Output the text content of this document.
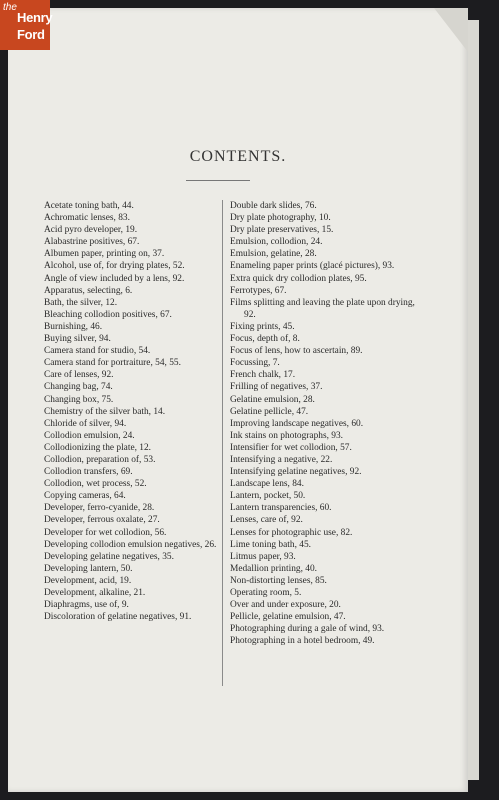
the
Henry
Ford
CONTENTS.
Acetate toning bath, 44.
Achromatic lenses, 83.
Acid pyro developer, 19.
Alabastrine positives, 67.
Albumen paper, printing on, 37.
Alcohol, use of, for drying plates, 52.
Angle of view included by a lens, 92.
Apparatus, selecting, 6.
Bath, the silver, 12.
Bleaching collodion positives, 67.
Burnishing, 46.
Buying silver, 94.
Camera stand for studio, 54.
Camera stand for portraiture, 54, 55.
Care of lenses, 92.
Changing bag, 74.
Changing box, 75.
Chemistry of the silver bath, 14.
Chloride of silver, 94.
Collodion emulsion, 24.
Collodionizing the plate, 12.
Collodion, preparation of, 53.
Collodion transfers, 69.
Collodion, wet process, 52.
Copying cameras, 64.
Developer, ferro-cyanide, 28.
Developer, ferrous oxalate, 27.
Developer for wet collodion, 56.
Developing collodion emulsion negatives, 26.
Developing gelatine negatives, 35.
Developing lantern, 50.
Development, acid, 19.
Development, alkaline, 21.
Diaphragms, use of, 9.
Discoloration of gelatine negatives, 91.
Double dark slides, 76.
Dry plate photography, 10.
Dry plate preservatives, 15.
Emulsion, collodion, 24.
Emulsion, gelatine, 28.
Enameling paper prints (glacé pictures), 93.
Extra quick dry collodion plates, 95.
Ferrotypes, 67.
Films splitting and leaving the plate upon drying, 92.
Fixing prints, 45.
Focus, depth of, 8.
Focus of lens, how to ascertain, 89.
Focussing, 7.
French chalk, 17.
Frilling of negatives, 37.
Gelatine emulsion, 28.
Gelatine pellicle, 47.
Improving landscape negatives, 60.
Ink stains on photographs, 93.
Intensifier for wet collodion, 57.
Intensifying a negative, 22.
Intensifying gelatine negatives, 92.
Landscape lens, 84.
Lantern, pocket, 50.
Lantern transparencies, 60.
Lenses, care of, 92.
Lenses for photographic use, 82.
Lime toning bath, 45.
Litmus paper, 93.
Medallion printing, 40.
Non-distorting lenses, 85.
Operating room, 5.
Over and under exposure, 20.
Pellicle, gelatine emulsion, 47.
Photographing during a gale of wind, 93.
Photographing in a hotel bedroom, 49.
